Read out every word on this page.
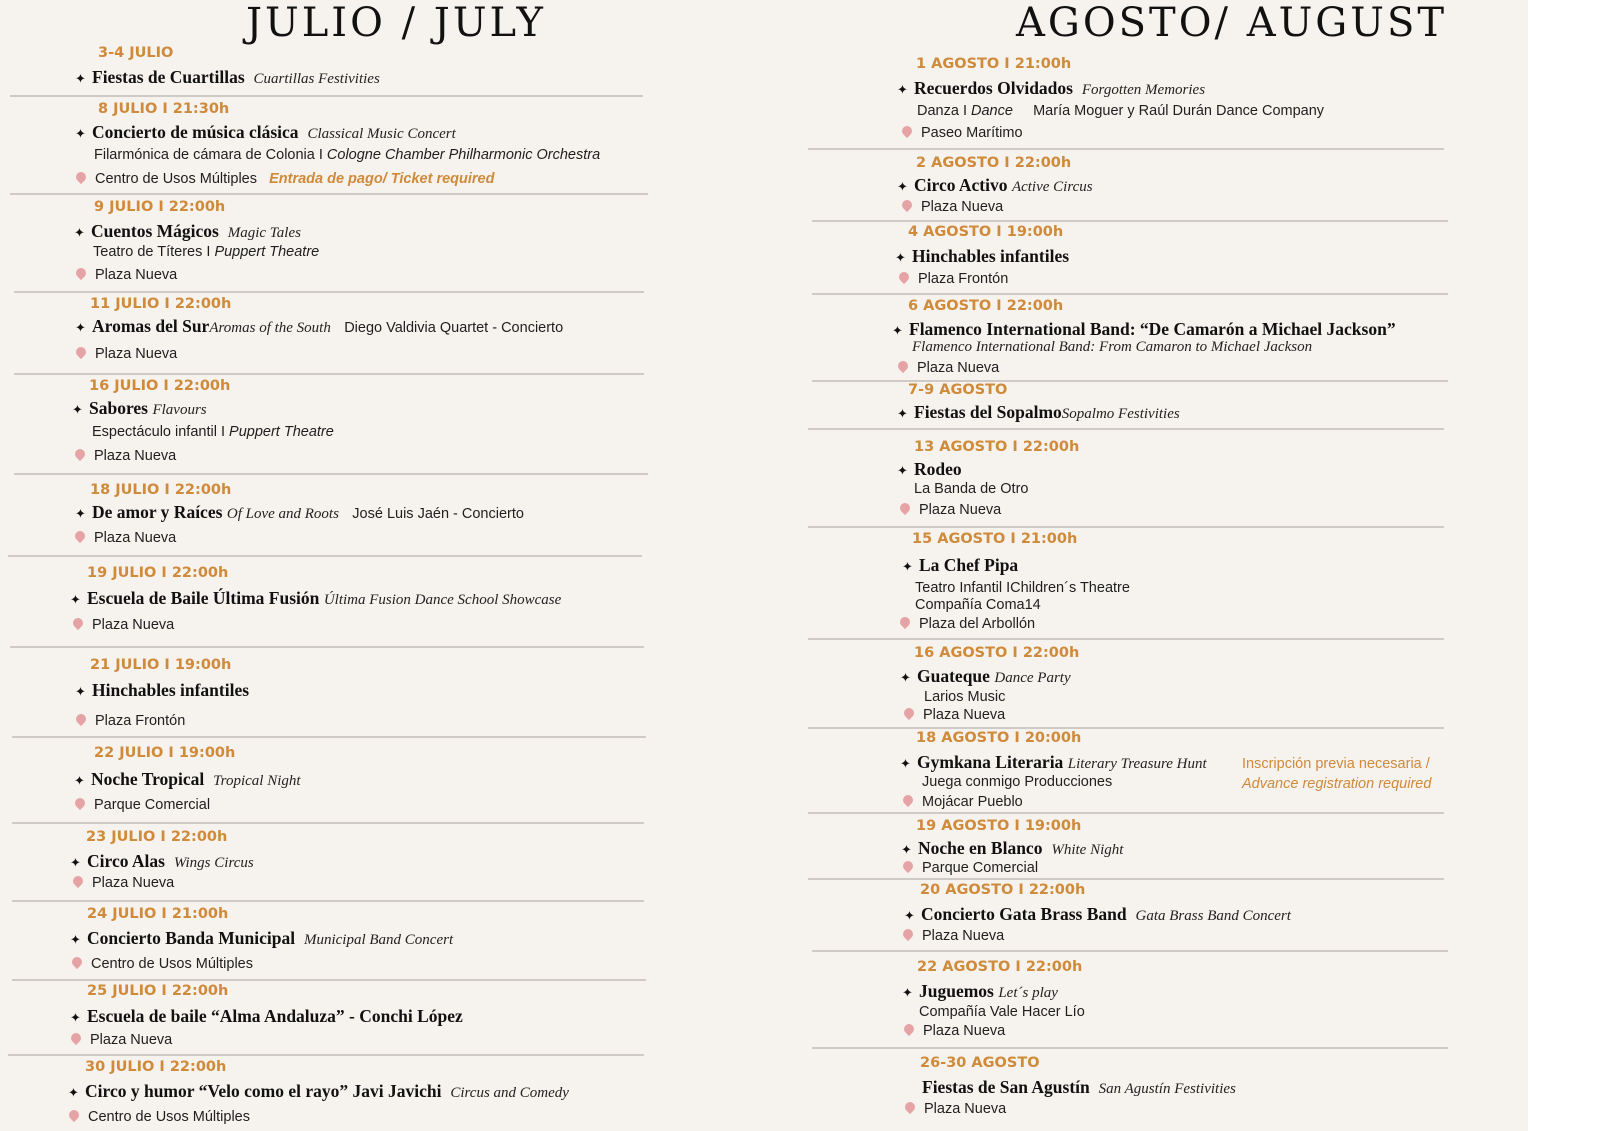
JULIO / JULY
3-4 JULIO
✦ Fiestas de Cuartillas Cuartillas Festivities
8 JULIO I 21:30h
✦ Concierto de música clásica Classical Music Concert
Filarmónica de cámara de Colonia I Cologne Chamber Philharmonic Orchestra
Centro de Usos Múltiples Entrada de pago/ Ticket required
9 JULIO I 22:00h
✦ Cuentos Mágicos Magic Tales
Teatro de Títeres I Puppert Theatre
Plaza Nueva
11 JULIO I 22:00h
✦ Aromas del SurAromas of the South Diego Valdivia Quartet - Concierto
Plaza Nueva
16 JULIO I 22:00h
✦ Sabores Flavours
Espectáculo infantil I Puppert Theatre
Plaza Nueva
18 JULIO I 22:00h
✦ De amor y Raíces Of Love and Roots José Luis Jaén - Concierto
Plaza Nueva
19 JULIO I 22:00h
✦ Escuela de Baile Última Fusión Última Fusion Dance School Showcase
Plaza Nueva
21 JULIO I 19:00h
✦ Hinchables infantiles
Plaza Frontón
22 JULIO I 19:00h
✦ Noche Tropical Tropical Night
Parque Comercial
23 JULIO I 22:00h
✦ Circo Alas Wings Circus
Plaza Nueva
24 JULIO I 21:00h
✦ Concierto Banda Municipal Municipal Band Concert
Centro de Usos Múltiples
25 JULIO I 22:00h
✦ Escuela de baile “Alma Andaluza” - Conchi López
Plaza Nueva
30 JULIO I 22:00h
✦ Circo y humor “Velo como el rayo” Javi Javichi Circus and Comedy
Centro de Usos Múltiples
AGOSTO/ AUGUST
1 AGOSTO I 21:00h
✦ Recuerdos Olvidados Forgotten Memories
Danza I Dance María Moguer y Raúl Durán Dance Company
Paseo Marítimo
2 AGOSTO I 22:00h
✦ Circo Activo Active Circus
Plaza Nueva
4 AGOSTO I 19:00h
✦ Hinchables infantiles
Plaza Frontón
6 AGOSTO I 22:00h
✦ Flamenco International Band: “De Camarón a Michael Jackson”
Flamenco International Band: From Camaron to Michael Jackson
Plaza Nueva
7-9 AGOSTO
✦ Fiestas del SopalmoSopalmo Festivities
13 AGOSTO I 22:00h
✦ Rodeo
La Banda de Otro
Plaza Nueva
15 AGOSTO I 21:00h
✦ La Chef Pipa
Teatro Infantil IChildren´s Theatre
Compañía Coma14
Plaza del Arbollón
16 AGOSTO I 22:00h
✦ Guateque Dance Party
Larios Music
Plaza Nueva
18 AGOSTO I 20:00h
✦ Gymkana Literaria Literary Treasure Hunt Inscripción previa necesaria /
Advance registration required
Juega conmigo Producciones
Mojácar Pueblo
19 AGOSTO I 19:00h
✦ Noche en Blanco White Night
Parque Comercial
20 AGOSTO I 22:00h
✦ Concierto Gata Brass Band Gata Brass Band Concert
Plaza Nueva
22 AGOSTO I 22:00h
✦ Juguemos Let´s play
Compañía Vale Hacer Lío
Plaza Nueva
26-30 AGOSTO
Fiestas de San Agustín San Agustín Festivities
Plaza Nueva
